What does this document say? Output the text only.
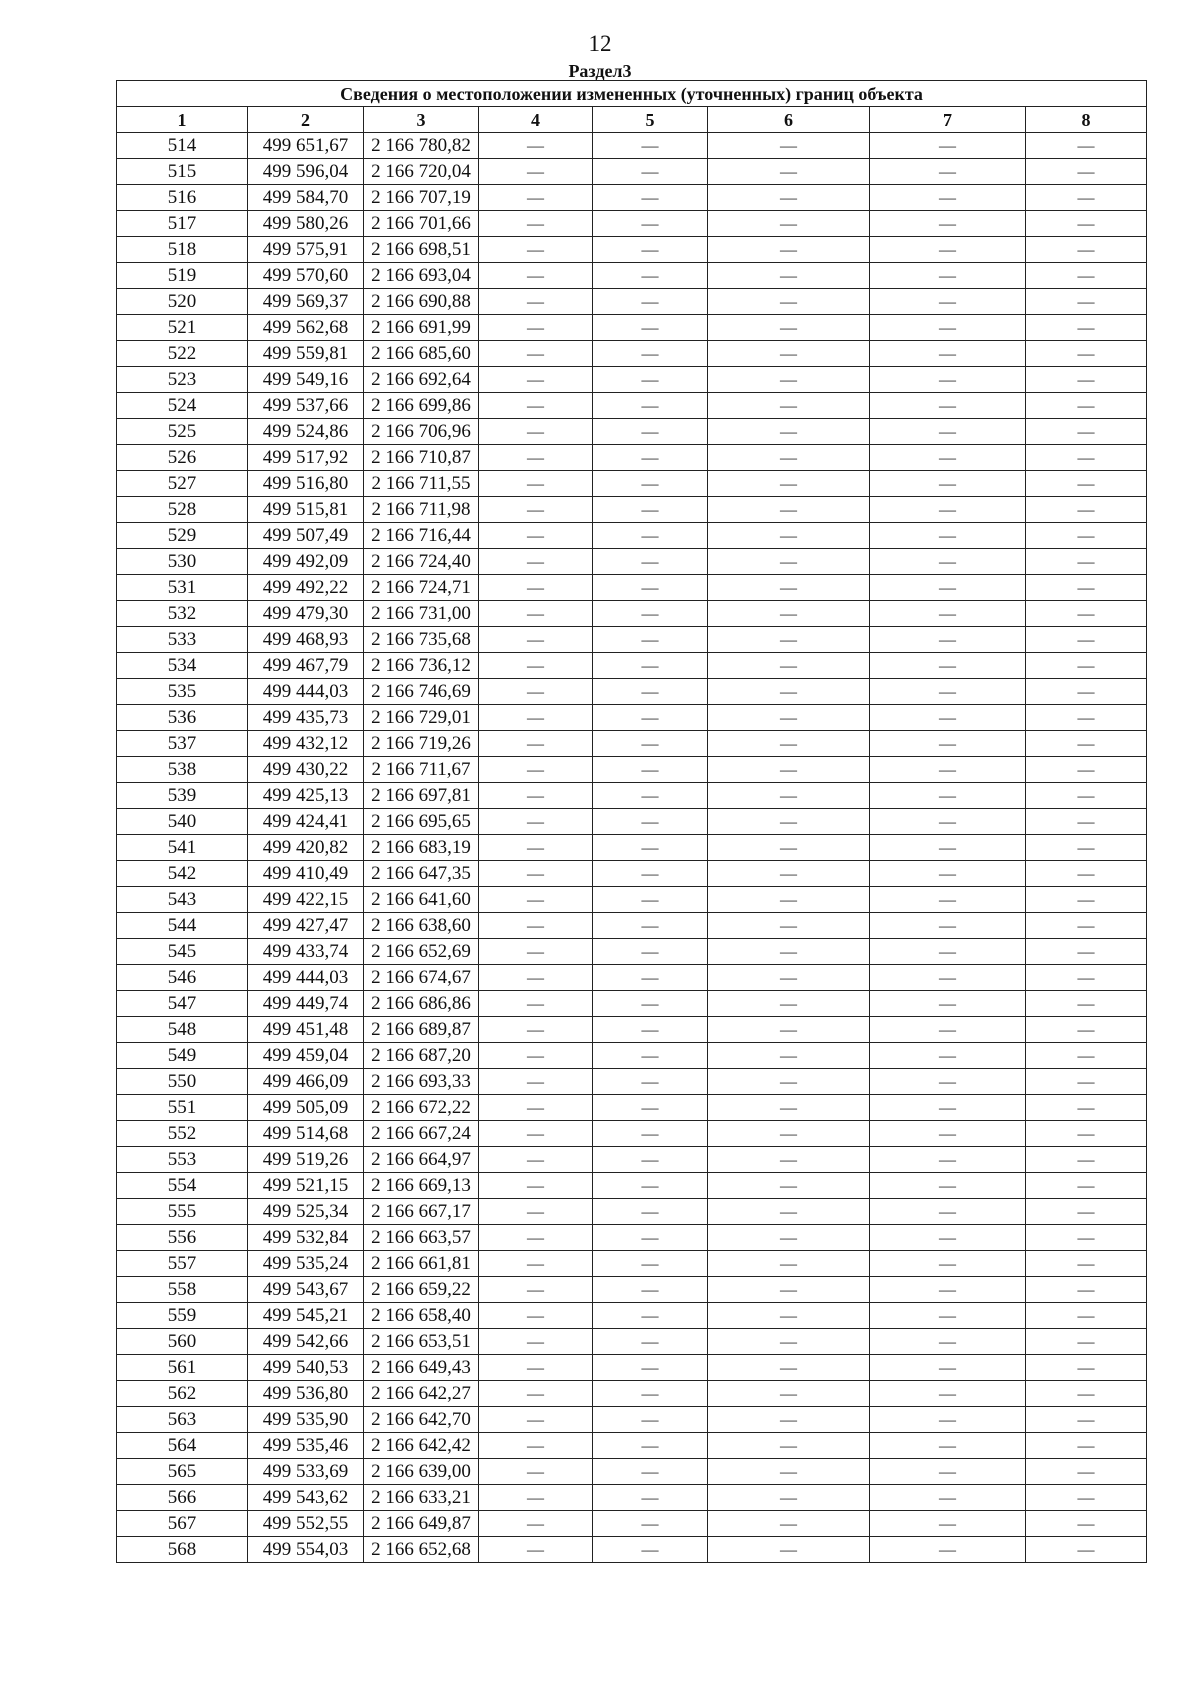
12
Раздел3
Сведения о местоположении измененных (уточненных) границ объекта							
1	2	3	4	5	6	7	8
514	499 651,67	2 166 780,82	—	—	—	—	—
515	499 596,04	2 166 720,04	—	—	—	—	—
516	499 584,70	2 166 707,19	—	—	—	—	—
517	499 580,26	2 166 701,66	—	—	—	—	—
518	499 575,91	2 166 698,51	—	—	—	—	—
519	499 570,60	2 166 693,04	—	—	—	—	—
520	499 569,37	2 166 690,88	—	—	—	—	—
521	499 562,68	2 166 691,99	—	—	—	—	—
522	499 559,81	2 166 685,60	—	—	—	—	—
523	499 549,16	2 166 692,64	—	—	—	—	—
524	499 537,66	2 166 699,86	—	—	—	—	—
525	499 524,86	2 166 706,96	—	—	—	—	—
526	499 517,92	2 166 710,87	—	—	—	—	—
527	499 516,80	2 166 711,55	—	—	—	—	—
528	499 515,81	2 166 711,98	—	—	—	—	—
529	499 507,49	2 166 716,44	—	—	—	—	—
530	499 492,09	2 166 724,40	—	—	—	—	—
531	499 492,22	2 166 724,71	—	—	—	—	—
532	499 479,30	2 166 731,00	—	—	—	—	—
533	499 468,93	2 166 735,68	—	—	—	—	—
534	499 467,79	2 166 736,12	—	—	—	—	—
535	499 444,03	2 166 746,69	—	—	—	—	—
536	499 435,73	2 166 729,01	—	—	—	—	—
537	499 432,12	2 166 719,26	—	—	—	—	—
538	499 430,22	2 166 711,67	—	—	—	—	—
539	499 425,13	2 166 697,81	—	—	—	—	—
540	499 424,41	2 166 695,65	—	—	—	—	—
541	499 420,82	2 166 683,19	—	—	—	—	—
542	499 410,49	2 166 647,35	—	—	—	—	—
543	499 422,15	2 166 641,60	—	—	—	—	—
544	499 427,47	2 166 638,60	—	—	—	—	—
545	499 433,74	2 166 652,69	—	—	—	—	—
546	499 444,03	2 166 674,67	—	—	—	—	—
547	499 449,74	2 166 686,86	—	—	—	—	—
548	499 451,48	2 166 689,87	—	—	—	—	—
549	499 459,04	2 166 687,20	—	—	—	—	—
550	499 466,09	2 166 693,33	—	—	—	—	—
551	499 505,09	2 166 672,22	—	—	—	—	—
552	499 514,68	2 166 667,24	—	—	—	—	—
553	499 519,26	2 166 664,97	—	—	—	—	—
554	499 521,15	2 166 669,13	—	—	—	—	—
555	499 525,34	2 166 667,17	—	—	—	—	—
556	499 532,84	2 166 663,57	—	—	—	—	—
557	499 535,24	2 166 661,81	—	—	—	—	—
558	499 543,67	2 166 659,22	—	—	—	—	—
559	499 545,21	2 166 658,40	—	—	—	—	—
560	499 542,66	2 166 653,51	—	—	—	—	—
561	499 540,53	2 166 649,43	—	—	—	—	—
562	499 536,80	2 166 642,27	—	—	—	—	—
563	499 535,90	2 166 642,70	—	—	—	—	—
564	499 535,46	2 166 642,42	—	—	—	—	—
565	499 533,69	2 166 639,00	—	—	—	—	—
566	499 543,62	2 166 633,21	—	—	—	—	—
567	499 552,55	2 166 649,87	—	—	—	—	—
568	499 554,03	2 166 652,68	—	—	—	—	—
